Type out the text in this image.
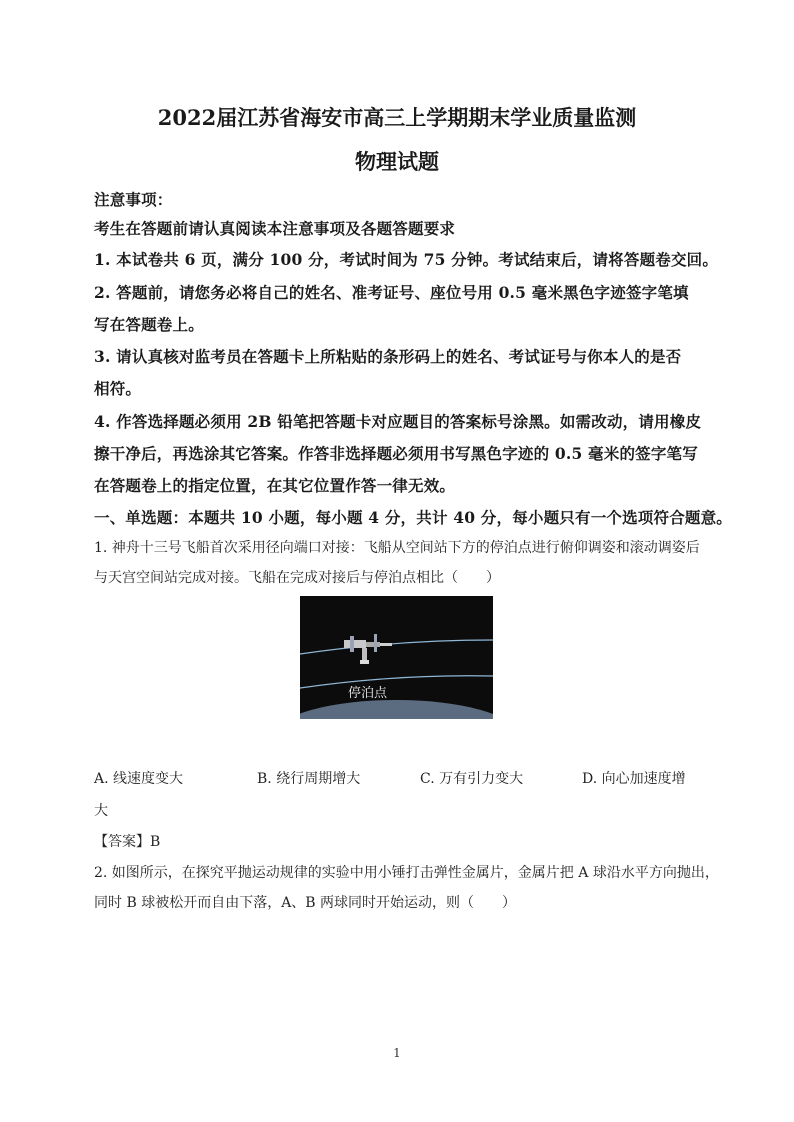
2022届江苏省海安市高三上学期期末学业质量监测
物理试题
注意事项：
考生在答题前请认真阅读本注意事项及各题答题要求
1. 本试卷共 6 页，满分 100 分，考试时间为 75 分钟。考试结束后，请将答题卷交回。
2. 答题前，请您务必将自己的姓名、准考证号、座位号用 0.5 毫米黑色字迹签字笔填
写在答题卷上。
3. 请认真核对监考员在答题卡上所粘贴的条形码上的姓名、考试证号与你本人的是否
相符。
4. 作答选择题必须用 2B 铅笔把答题卡对应题目的答案标号涂黑。如需改动，请用橡皮
擦干净后，再选涂其它答案。作答非选择题必须用书写黑色字迹的 0.5 毫米的签字笔写
在答题卷上的指定位置，在其它位置作答一律无效。
一、单选题：本题共 10 小题，每小题 4 分，共计 40 分，每小题只有一个选项符合题意。
1. 神舟十三号飞船首次采用径向端口对接：飞船从空间站下方的停泊点进行俯仰调姿和滚动调姿后
与天宫空间站完成对接。飞船在完成对接后与停泊点相比（　　）
停泊点
A. 线速度变大	B. 绕行周期增大	C. 万有引力变大	D. 向心加速度增
大
【答案】B
2. 如图所示，在探究平抛运动规律的实验中用小锤打击弹性金属片，金属片把 A 球沿水平方向抛出，
同时 B 球被松开而自由下落，A、B 两球同时开始运动，则（　　）
1
